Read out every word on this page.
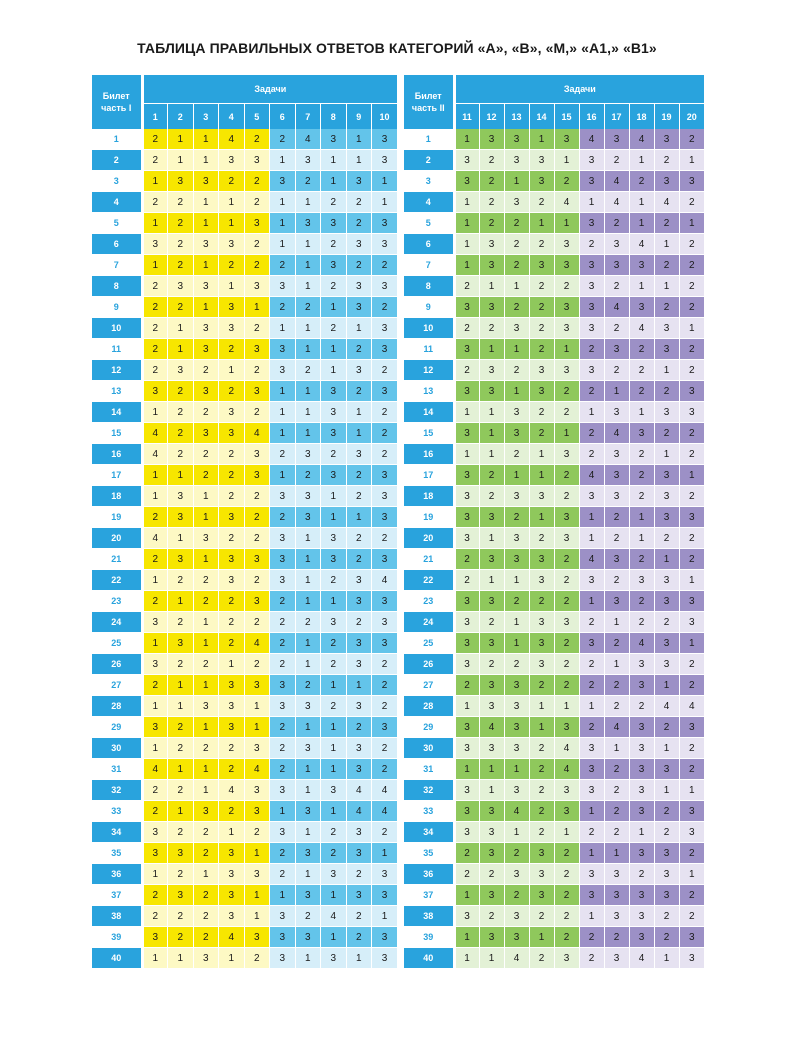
ТАБЛИЦА ПРАВИЛЬНЫХ ОТВЕТОВ КАТЕГОРИЙ «А», «В», «М,» «А1,» «В1»
Билет
часть I	Задачи									
	1	2	3	4	5	6	7	8	9	10
1	2	1	1	4	2	2	4	3	1	3
2	2	1	1	3	3	1	3	1	1	3
3	1	3	3	2	2	3	2	1	3	1
4	2	2	1	1	2	1	1	2	2	1
5	1	2	1	1	3	1	3	3	2	3
6	3	2	3	3	2	1	1	2	3	3
7	1	2	1	2	2	2	1	3	2	2
8	2	3	3	1	3	3	1	2	3	3
9	2	2	1	3	1	2	2	1	3	2
10	2	1	3	3	2	1	1	2	1	3
11	2	1	3	2	3	3	1	1	2	3
12	2	3	2	1	2	3	2	1	3	2
13	3	2	3	2	3	1	1	3	2	3
14	1	2	2	3	2	1	1	3	1	2
15	4	2	3	3	4	1	1	3	1	2
16	4	2	2	2	3	2	3	2	3	2
17	1	1	2	2	3	1	2	3	2	3
18	1	3	1	2	2	3	3	1	2	3
19	2	3	1	3	2	2	3	1	1	3
20	4	1	3	2	2	3	1	3	2	2
21	2	3	1	3	3	3	1	3	2	3
22	1	2	2	3	2	3	1	2	3	4
23	2	1	2	2	3	2	1	1	3	3
24	3	2	1	2	2	2	2	3	2	3
25	1	3	1	2	4	2	1	2	3	3
26	3	2	2	1	2	2	1	2	3	2
27	2	1	1	3	3	3	2	1	1	2
28	1	1	3	3	1	3	3	2	3	2
29	3	2	1	3	1	2	1	1	2	3
30	1	2	2	2	3	2	3	1	3	2
31	4	1	1	2	4	2	1	1	3	2
32	2	2	1	4	3	3	1	3	4	4
33	2	1	3	2	3	1	3	1	4	4
34	3	2	2	1	2	3	1	2	3	2
35	3	3	2	3	1	2	3	2	3	1
36	1	2	1	3	3	2	1	3	2	3
37	2	3	2	3	1	1	3	1	3	3
38	2	2	2	3	1	3	2	4	2	1
39	3	2	2	4	3	3	3	1	2	3
40	1	1	3	1	2	3	1	3	1	3
Билет
часть II	Задачи									
	11	12	13	14	15	16	17	18	19	20
1	1	3	3	1	3	4	3	4	3	2
2	3	2	3	3	1	3	2	1	2	1
3	3	2	1	3	2	3	4	2	3	3
4	1	2	3	2	4	1	4	1	4	2
5	1	2	2	1	1	3	2	1	2	1
6	1	3	2	2	3	2	3	4	1	2
7	1	3	2	3	3	3	3	3	2	2
8	2	1	1	2	2	3	2	1	1	2
9	3	3	2	2	3	3	4	3	2	2
10	2	2	3	2	3	3	2	4	3	1
11	3	1	1	2	1	2	3	2	3	2
12	2	3	2	3	3	3	2	2	1	2
13	3	3	1	3	2	2	1	2	2	3
14	1	1	3	2	2	1	3	1	3	3
15	3	1	3	2	1	2	4	3	2	2
16	1	1	2	1	3	2	3	2	1	2
17	3	2	1	1	2	4	3	2	3	1
18	3	2	3	3	2	3	3	2	3	2
19	3	3	2	1	3	1	2	1	3	3
20	3	1	3	2	3	1	2	1	2	2
21	2	3	3	3	2	4	3	2	1	2
22	2	1	1	3	2	3	2	3	3	1
23	3	3	2	2	2	1	3	2	3	3
24	3	2	1	3	3	2	1	2	2	3
25	3	3	1	3	2	3	2	4	3	1
26	3	2	2	3	2	2	1	3	3	2
27	2	3	3	2	2	2	2	3	1	2
28	1	3	3	1	1	1	2	2	4	4
29	3	4	3	1	3	2	4	3	2	3
30	3	3	3	2	4	3	1	3	1	2
31	1	1	1	2	4	3	2	3	3	2
32	3	1	3	2	3	3	2	3	1	1
33	3	3	4	2	3	1	2	3	2	3
34	3	3	1	2	1	2	2	1	2	3
35	2	3	2	3	2	1	1	3	3	2
36	2	2	3	3	2	3	3	2	3	1
37	1	3	2	3	2	3	3	3	3	2
38	3	2	3	2	2	1	3	3	2	2
39	1	3	3	1	2	2	2	3	2	3
40	1	1	4	2	3	2	3	4	1	3
